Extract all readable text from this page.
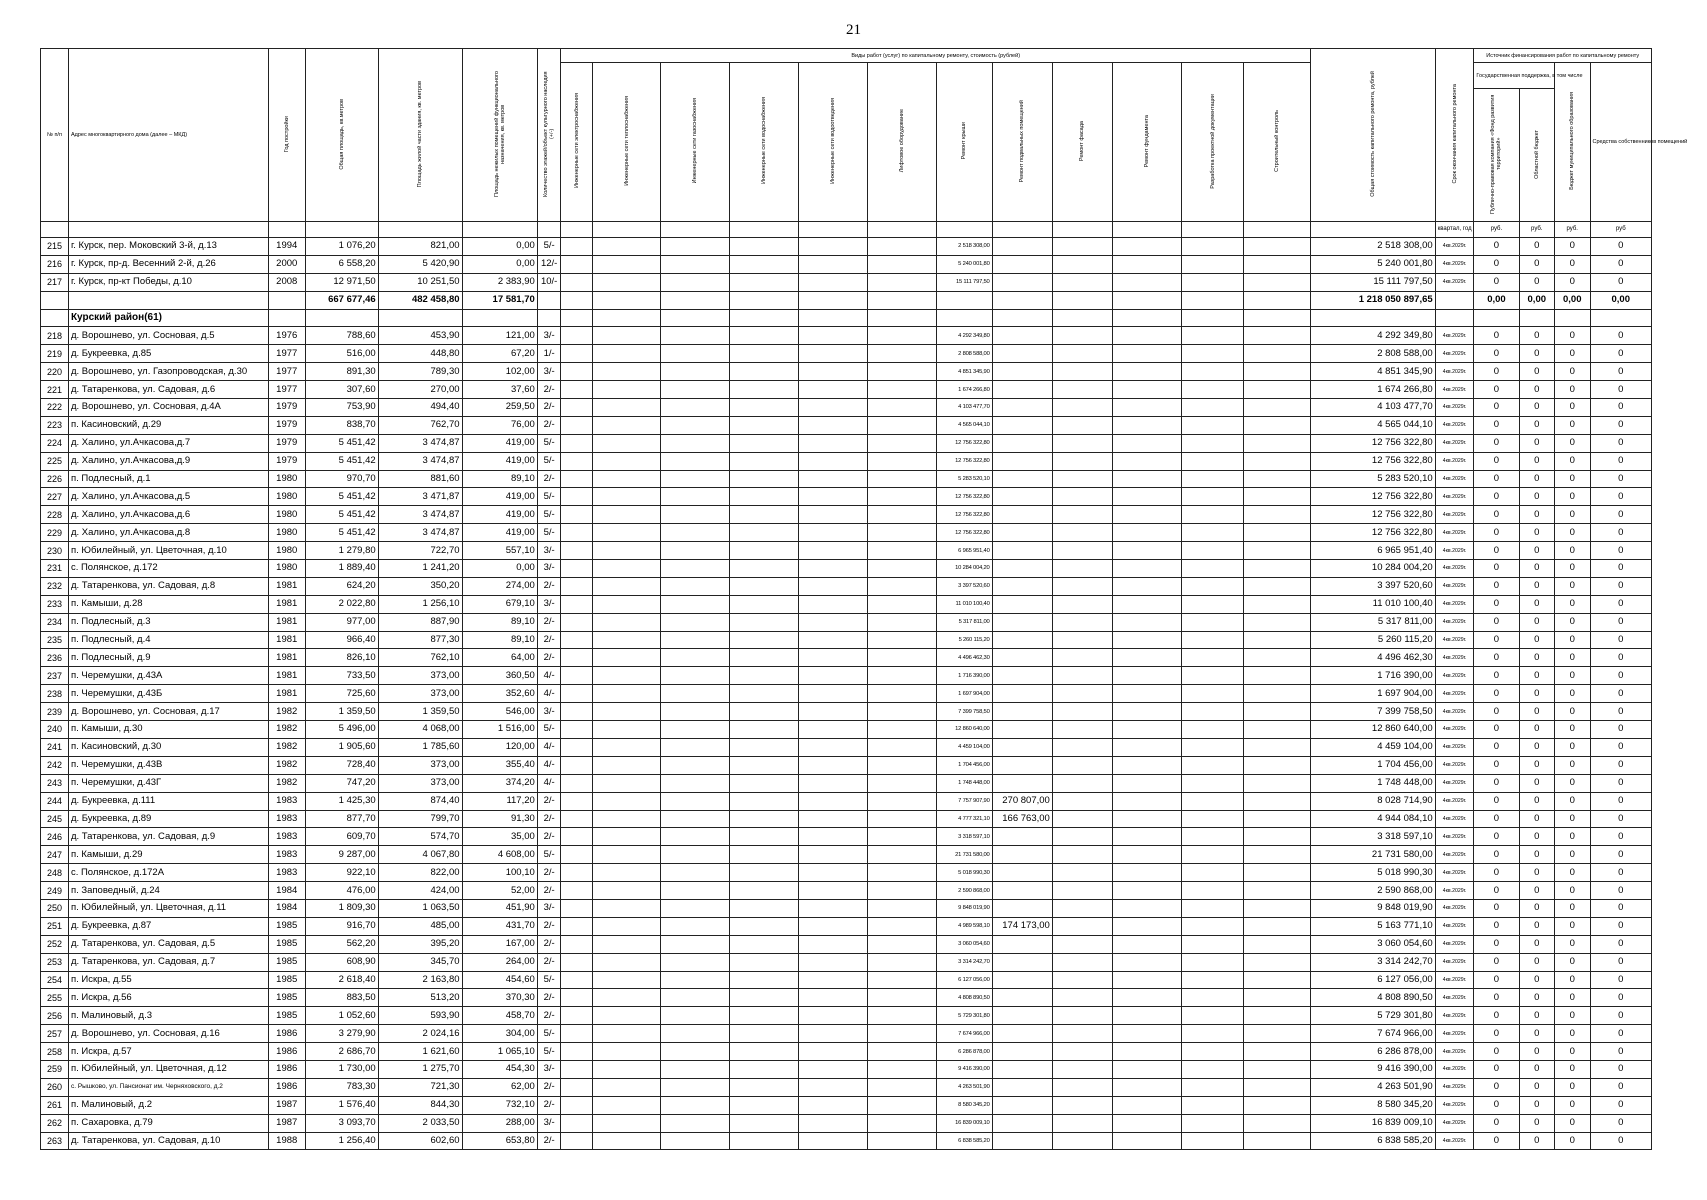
21
№ п/п	Адрес многоквартирного дома (далее – МКД)	Год постройки	Общая площадь, кв.метров	Площадь жилой части здания, кв. метров	Площадь нежилых помещений функционального назначения, кв. метров	Количество этажей/объект культурного наследия (+/-)	Виды работ (услуг) по капитальному ремонту, стоимость (рублей)												Общая стоимость капитального ремонта, рублей	Срок окончания капитального ремонта	Источник финансирования работ по капитальному ремонту			
							Инженерные сети электроснабжения	Инженерные сети теплоснабжения	Инженерные сети газоснабжения	Инженерные сети водоснабжения	Инженерные сети водоотведения	Лифтовое оборудование	Ремонт крыши	Ремонт подвальных помещений	Ремонт фасада	Ремонт фундамента	Разработка проектной документации	Строительный контроль			Государственная поддержка, в том числе		Бюджет муниципального образования	Средства собственников помещений
																					Публично-правовая компания «Фонд развития территорий»	Областной бюджет		
																				квартал, год	руб.	руб.	руб.	руб
215	г. Курск, пер. Моковский 3-й, д.13	1994	1 076,20	821,00	0,00	5/-							2 518 308,00						2 518 308,00	4кв.2029г.	0	0	0	0
216	г. Курск, пр-д. Весенний 2-й, д.26	2000	6 558,20	5 420,90	0,00	12/-							5 240 001,80						5 240 001,80	4кв.2029г.	0	0	0	0
217	г. Курск, пр-кт Победы, д.10	2008	12 971,50	10 251,50	2 383,90	10/-							15 111 797,50						15 111 797,50	4кв.2029г.	0	0	0	0
			667 677,46	482 458,80	17 581,70														1 218 050 897,65		0,00	0,00	0,00	0,00
	Курский район(61)																							
218	д. Ворошнево, ул. Сосновая, д.5	1976	788,60	453,90	121,00	3/-							4 292 349,80						4 292 349,80	4кв.2029г.	0	0	0	0
219	д. Букреевка, д.85	1977	516,00	448,80	67,20	1/-							2 808 588,00						2 808 588,00	4кв.2029г.	0	0	0	0
220	д. Ворошнево, ул. Газопроводская, д.30	1977	891,30	789,30	102,00	3/-							4 851 345,90						4 851 345,90	4кв.2029г.	0	0	0	0
221	д. Татаренкова, ул. Садовая, д.6	1977	307,60	270,00	37,60	2/-							1 674 266,80						1 674 266,80	4кв.2029г.	0	0	0	0
222	д. Ворошнево, ул. Сосновая, д.4А	1979	753,90	494,40	259,50	2/-							4 103 477,70						4 103 477,70	4кв.2029г.	0	0	0	0
223	п. Касиновский, д.29	1979	838,70	762,70	76,00	2/-							4 565 044,10						4 565 044,10	4кв.2029г.	0	0	0	0
224	д. Халино, ул.Ачкасова,д.7	1979	5 451,42	3 474,87	419,00	5/-							12 756 322,80						12 756 322,80	4кв.2029г.	0	0	0	0
225	д. Халино, ул.Ачкасова,д.9	1979	5 451,42	3 474,87	419,00	5/-							12 756 322,80						12 756 322,80	4кв.2029г.	0	0	0	0
226	п. Подлесный, д.1	1980	970,70	881,60	89,10	2/-							5 283 520,10						5 283 520,10	4кв.2029г.	0	0	0	0
227	д. Халино, ул.Ачкасова,д.5	1980	5 451,42	3 471,87	419,00	5/-							12 756 322,80						12 756 322,80	4кв.2029г.	0	0	0	0
228	д. Халино, ул.Ачкасова,д.6	1980	5 451,42	3 474,87	419,00	5/-							12 756 322,80						12 756 322,80	4кв.2029г.	0	0	0	0
229	д. Халино, ул.Ачкасова,д.8	1980	5 451,42	3 474,87	419,00	5/-							12 756 322,80						12 756 322,80	4кв.2029г.	0	0	0	0
230	п. Юбилейный, ул. Цветочная, д.10	1980	1 279,80	722,70	557,10	3/-							6 965 951,40						6 965 951,40	4кв.2029г.	0	0	0	0
231	с. Полянское, д.172	1980	1 889,40	1 241,20	0,00	3/-							10 284 004,20						10 284 004,20	4кв.2029г.	0	0	0	0
232	д. Татаренкова, ул. Садовая, д.8	1981	624,20	350,20	274,00	2/-							3 397 520,60						3 397 520,60	4кв.2029г.	0	0	0	0
233	п. Камыши, д.28	1981	2 022,80	1 256,10	679,10	3/-							11 010 100,40						11 010 100,40	4кв.2029г.	0	0	0	0
234	п. Подлесный, д.3	1981	977,00	887,90	89,10	2/-							5 317 811,00						5 317 811,00	4кв.2029г.	0	0	0	0
235	п. Подлесный, д.4	1981	966,40	877,30	89,10	2/-							5 260 115,20						5 260 115,20	4кв.2029г.	0	0	0	0
236	п. Подлесный, д.9	1981	826,10	762,10	64,00	2/-							4 496 462,30						4 496 462,30	4кв.2029г.	0	0	0	0
237	п. Черемушки, д.43А	1981	733,50	373,00	360,50	4/-							1 716 390,00						1 716 390,00	4кв.2029г.	0	0	0	0
238	п. Черемушки, д.43Б	1981	725,60	373,00	352,60	4/-							1 697 904,00						1 697 904,00	4кв.2029г.	0	0	0	0
239	д. Ворошнево, ул. Сосновая, д.17	1982	1 359,50	1 359,50	546,00	3/-							7 399 758,50						7 399 758,50	4кв.2029г.	0	0	0	0
240	п. Камыши, д.30	1982	5 496,00	4 068,00	1 516,00	5/-							12 860 640,00						12 860 640,00	4кв.2029г.	0	0	0	0
241	п. Касиновский, д.30	1982	1 905,60	1 785,60	120,00	4/-							4 459 104,00						4 459 104,00	4кв.2029г.	0	0	0	0
242	п. Черемушки, д.43В	1982	728,40	373,00	355,40	4/-							1 704 456,00						1 704 456,00	4кв.2029г.	0	0	0	0
243	п. Черемушки, д.43Г	1982	747,20	373,00	374,20	4/-							1 748 448,00						1 748 448,00	4кв.2029г.	0	0	0	0
244	д. Букреевка, д.111	1983	1 425,30	874,40	117,20	2/-							7 757 907,90	270 807,00					8 028 714,90	4кв.2029г.	0	0	0	0
245	д. Букреевка, д.89	1983	877,70	799,70	91,30	2/-							4 777 321,10	166 763,00					4 944 084,10	4кв.2029г.	0	0	0	0
246	д. Татаренкова, ул. Садовая, д.9	1983	609,70	574,70	35,00	2/-							3 318 597,10						3 318 597,10	4кв.2029г.	0	0	0	0
247	п. Камыши, д.29	1983	9 287,00	4 067,80	4 608,00	5/-							21 731 580,00						21 731 580,00	4кв.2029г.	0	0	0	0
248	с. Полянское, д.172А	1983	922,10	822,00	100,10	2/-							5 018 990,30						5 018 990,30	4кв.2029г.	0	0	0	0
249	п. Заповедный, д.24	1984	476,00	424,00	52,00	2/-							2 590 868,00						2 590 868,00	4кв.2029г.	0	0	0	0
250	п. Юбилейный, ул. Цветочная, д.11	1984	1 809,30	1 063,50	451,90	3/-							9 848 019,90						9 848 019,90	4кв.2029г.	0	0	0	0
251	д. Букреевка, д.87	1985	916,70	485,00	431,70	2/-							4 989 598,10	174 173,00					5 163 771,10	4кв.2029г.	0	0	0	0
252	д. Татаренкова, ул. Садовая, д.5	1985	562,20	395,20	167,00	2/-							3 060 054,60						3 060 054,60	4кв.2029г.	0	0	0	0
253	д. Татаренкова, ул. Садовая, д.7	1985	608,90	345,70	264,00	2/-							3 314 242,70						3 314 242,70	4кв.2029г.	0	0	0	0
254	п. Искра, д.55	1985	2 618,40	2 163,80	454,60	5/-							6 127 056,00						6 127 056,00	4кв.2029г.	0	0	0	0
255	п. Искра, д.56	1985	883,50	513,20	370,30	2/-							4 808 890,50						4 808 890,50	4кв.2029г.	0	0	0	0
256	п. Малиновый, д.3	1985	1 052,60	593,90	458,70	2/-							5 729 301,80						5 729 301,80	4кв.2029г.	0	0	0	0
257	д. Ворошнево, ул. Сосновая, д.16	1986	3 279,90	2 024,16	304,00	5/-							7 674 966,00						7 674 966,00	4кв.2029г.	0	0	0	0
258	п. Искра, д.57	1986	2 686,70	1 621,60	1 065,10	5/-							6 286 878,00						6 286 878,00	4кв.2029г.	0	0	0	0
259	п. Юбилейный, ул. Цветочная, д.12	1986	1 730,00	1 275,70	454,30	3/-							9 416 390,00						9 416 390,00	4кв.2029г.	0	0	0	0
260	с. Рышково, ул. Пансионат им. Черняховского, д.2	1986	783,30	721,30	62,00	2/-							4 263 501,90						4 263 501,90	4кв.2029г.	0	0	0	0
261	п. Малиновый, д.2	1987	1 576,40	844,30	732,10	2/-							8 580 345,20						8 580 345,20	4кв.2029г.	0	0	0	0
262	п. Сахаровка, д.79	1987	3 093,70	2 033,50	288,00	3/-							16 839 009,10						16 839 009,10	4кв.2029г.	0	0	0	0
263	д. Татаренкова, ул. Садовая, д.10	1988	1 256,40	602,60	653,80	2/-							6 838 585,20						6 838 585,20	4кв.2029г.	0	0	0	0
